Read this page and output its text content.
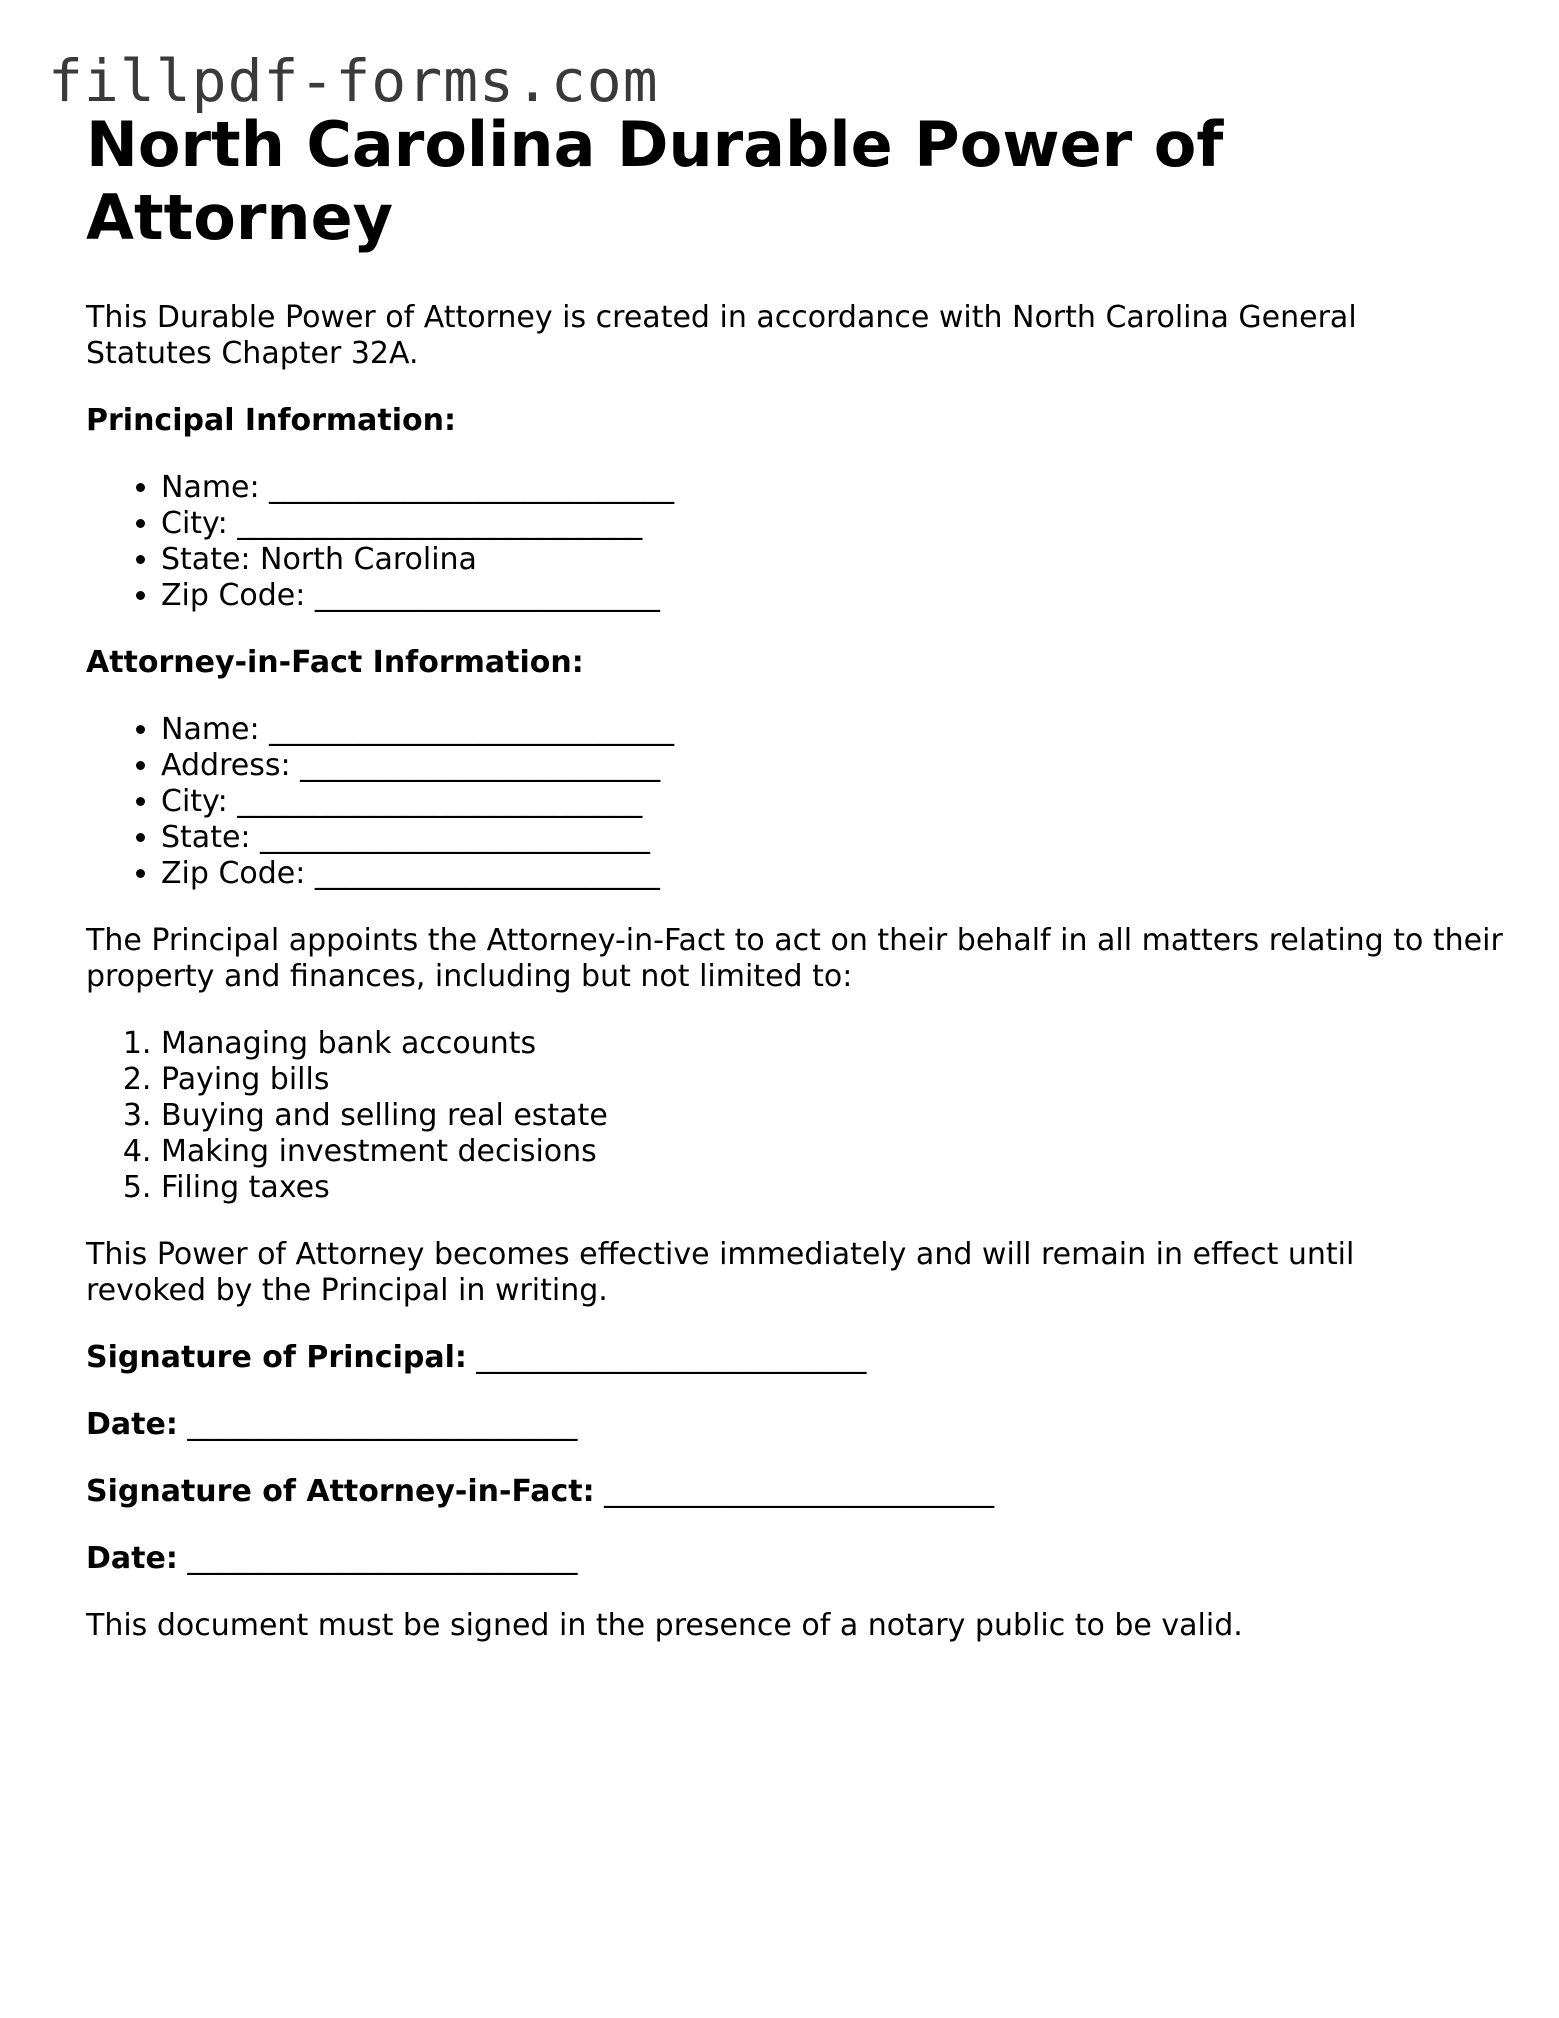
fillpdf-forms.com
North Carolina Durable Power of Attorney

This Durable Power of Attorney is created in accordance with North Carolina General Statutes Chapter 32A.

Principal Information:

• Name: ___________________________
• City: ___________________________
• State: North Carolina
• Zip Code: _______________________

Attorney-in-Fact Information:

• Name: ___________________________
• Address: ________________________
• City: ___________________________
• State: __________________________
• Zip Code: _______________________

The Principal appoints the Attorney-in-Fact to act on their behalf in all matters relating to their property and finances, including but not limited to:

1. Managing bank accounts
2. Paying bills
3. Buying and selling real estate
4. Making investment decisions
5. Filing taxes

This Power of Attorney becomes effective immediately and will remain in effect until revoked by the Principal in writing.

Signature of Principal: __________________________

Date: __________________________

Signature of Attorney-in-Fact: __________________________

Date: __________________________

This document must be signed in the presence of a notary public to be valid.
